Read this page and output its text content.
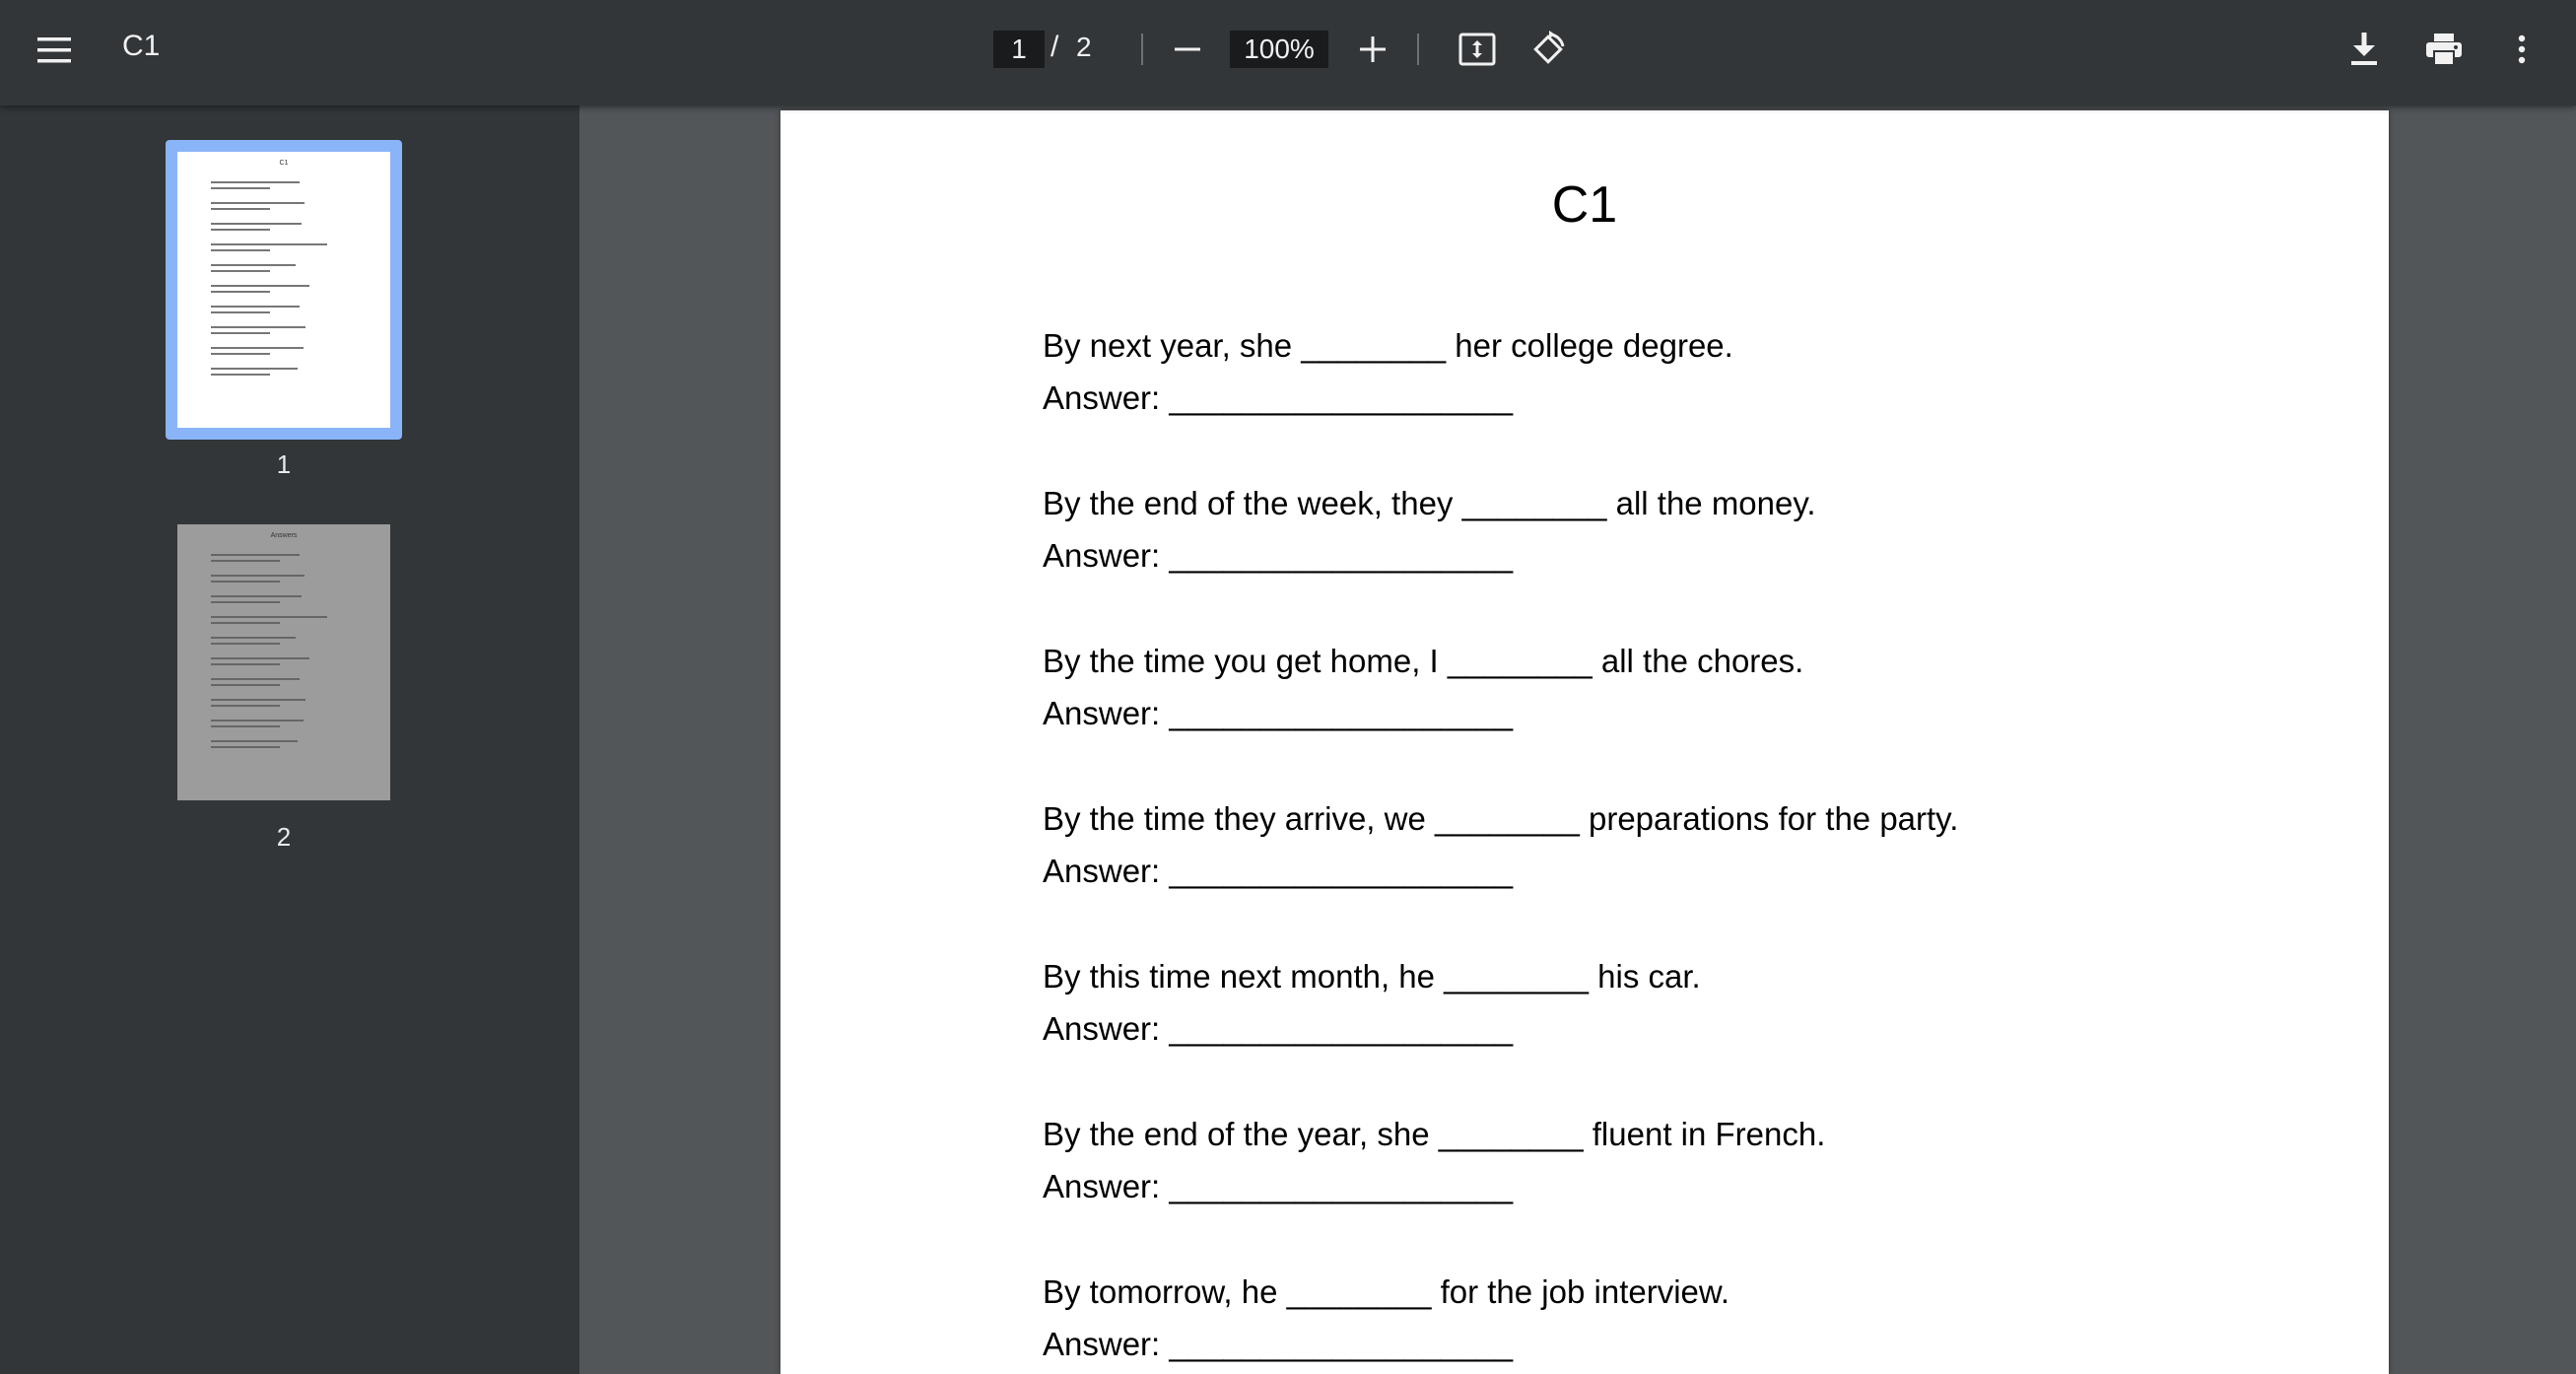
C1	1 / 2	100%
C1
1
Answers
2
C1
By next year, she ________ her college degree.
Answer: ___________________
By the end of the week, they ________ all the money.
Answer: ___________________
By the time you get home, I ________ all the chores.
Answer: ___________________
By the time they arrive, we ________ preparations for the party.
Answer: ___________________
By this time next month, he ________ his car.
Answer: ___________________
By the end of the year, she ________ fluent in French.
Answer: ___________________
By tomorrow, he ________ for the job interview.
Answer: ___________________
